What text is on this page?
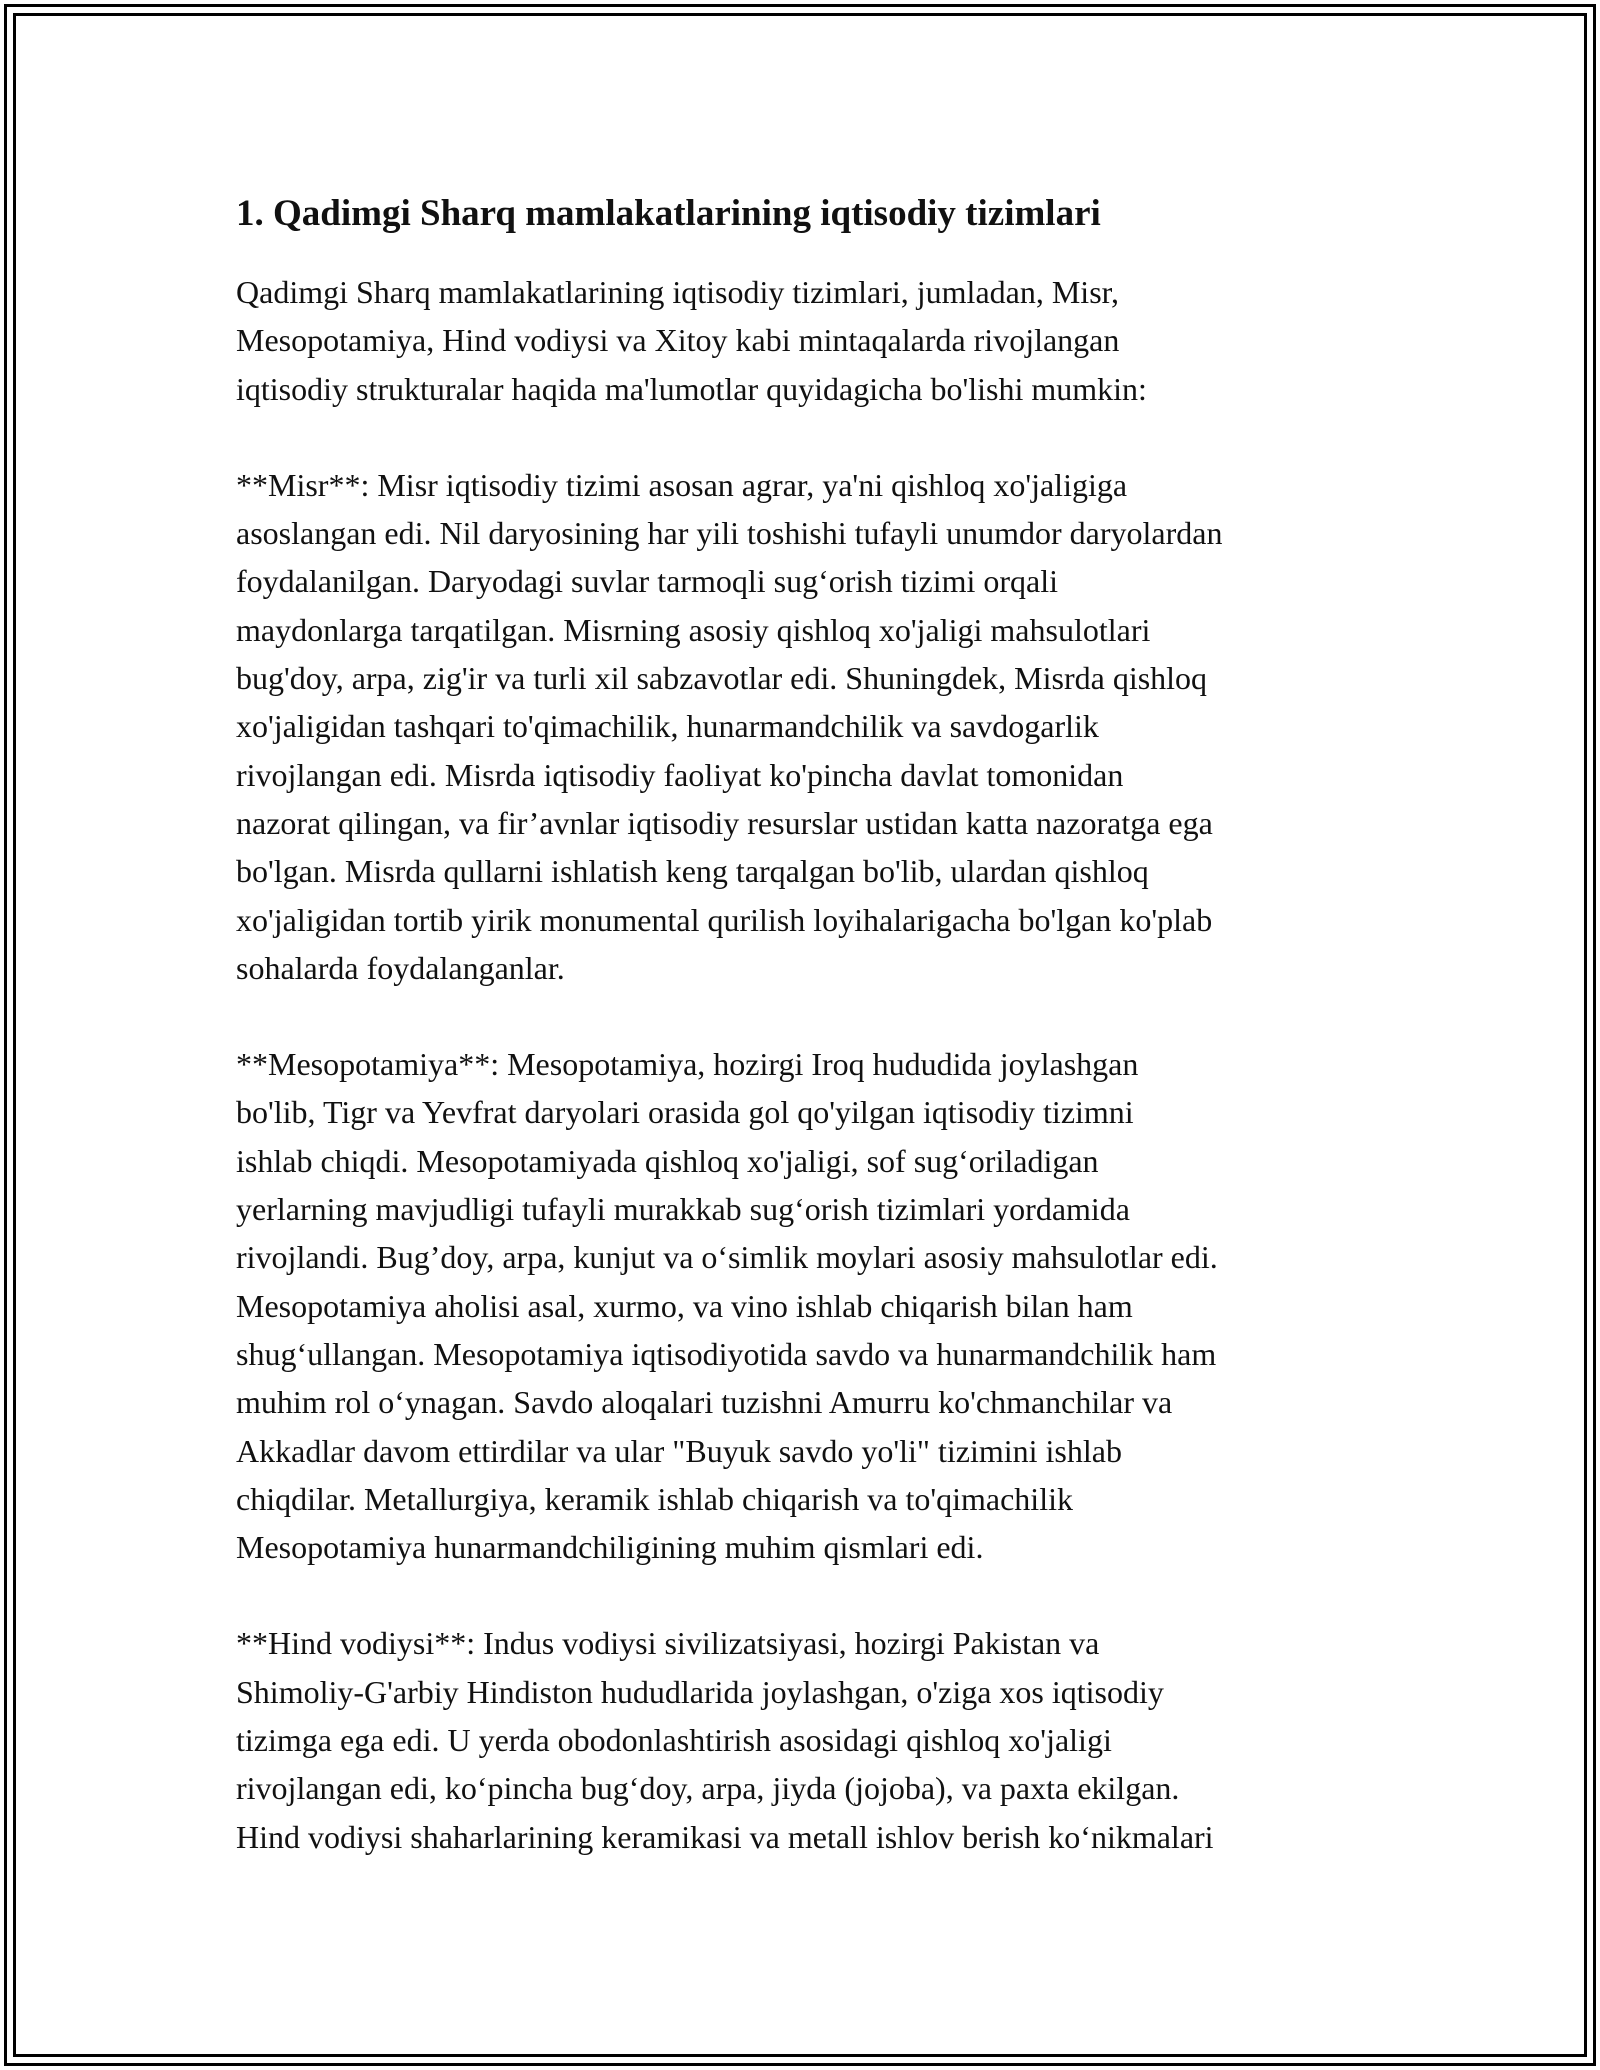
1. Qadimgi Sharq mamlakatlarining iqtisodiy tizimlari

Qadimgi Sharq mamlakatlarining iqtisodiy tizimlari, jumladan, Misr,
Mesopotamiya, Hind vodiysi va Xitoy kabi mintaqalarda rivojlangan
iqtisodiy strukturalar haqida ma'lumotlar quyidagicha bo'lishi mumkin:

**Misr**: Misr iqtisodiy tizimi asosan agrar, ya'ni qishloq xo'jaligiga
asoslangan edi. Nil daryosining har yili toshishi tufayli unumdor daryolardan
foydalanilgan. Daryodagi suvlar tarmoqli sug‘orish tizimi orqali
maydonlarga tarqatilgan. Misrning asosiy qishloq xo'jaligi mahsulotlari
bug'doy, arpa, zig'ir va turli xil sabzavotlar edi. Shuningdek, Misrda qishloq
xo'jaligidan tashqari to'qimachilik, hunarmandchilik va savdogarlik
rivojlangan edi. Misrda iqtisodiy faoliyat ko'pincha davlat tomonidan
nazorat qilingan, va fir’avnlar iqtisodiy resurslar ustidan katta nazoratga ega
bo'lgan. Misrda qullarni ishlatish keng tarqalgan bo'lib, ulardan qishloq
xo'jaligidan tortib yirik monumental qurilish loyihalarigacha bo'lgan ko'plab
sohalarda foydalanganlar.

**Mesopotamiya**: Mesopotamiya, hozirgi Iroq hududida joylashgan
bo'lib, Tigr va Yevfrat daryolari orasida gol qo'yilgan iqtisodiy tizimni
ishlab chiqdi. Mesopotamiyada qishloq xo'jaligi, sof sug‘oriladigan
yerlarning mavjudligi tufayli murakkab sug‘orish tizimlari yordamida
rivojlandi. Bug’doy, arpa, kunjut va o‘simlik moylari asosiy mahsulotlar edi.
Mesopotamiya aholisi asal, xurmo, va vino ishlab chiqarish bilan ham
shug‘ullangan. Mesopotamiya iqtisodiyotida savdo va hunarmandchilik ham
muhim rol o‘ynagan. Savdo aloqalari tuzishni Amurru ko'chmanchilar va
Akkadlar davom ettirdilar va ular "Buyuk savdo yo'li" tizimini ishlab
chiqdilar. Metallurgiya, keramik ishlab chiqarish va to'qimachilik
Mesopotamiya hunarmandchiligining muhim qismlari edi.

**Hind vodiysi**: Indus vodiysi sivilizatsiyasi, hozirgi Pakistan va
Shimoliy-G'arbiy Hindiston hududlarida joylashgan, o'ziga xos iqtisodiy
tizimga ega edi. U yerda obodonlashtirish asosidagi qishloq xo'jaligi
rivojlangan edi, ko‘pincha bug‘doy, arpa, jiyda (jojoba), va paxta ekilgan.
Hind vodiysi shaharlarining keramikasi va metall ishlov berish ko‘nikmalari
